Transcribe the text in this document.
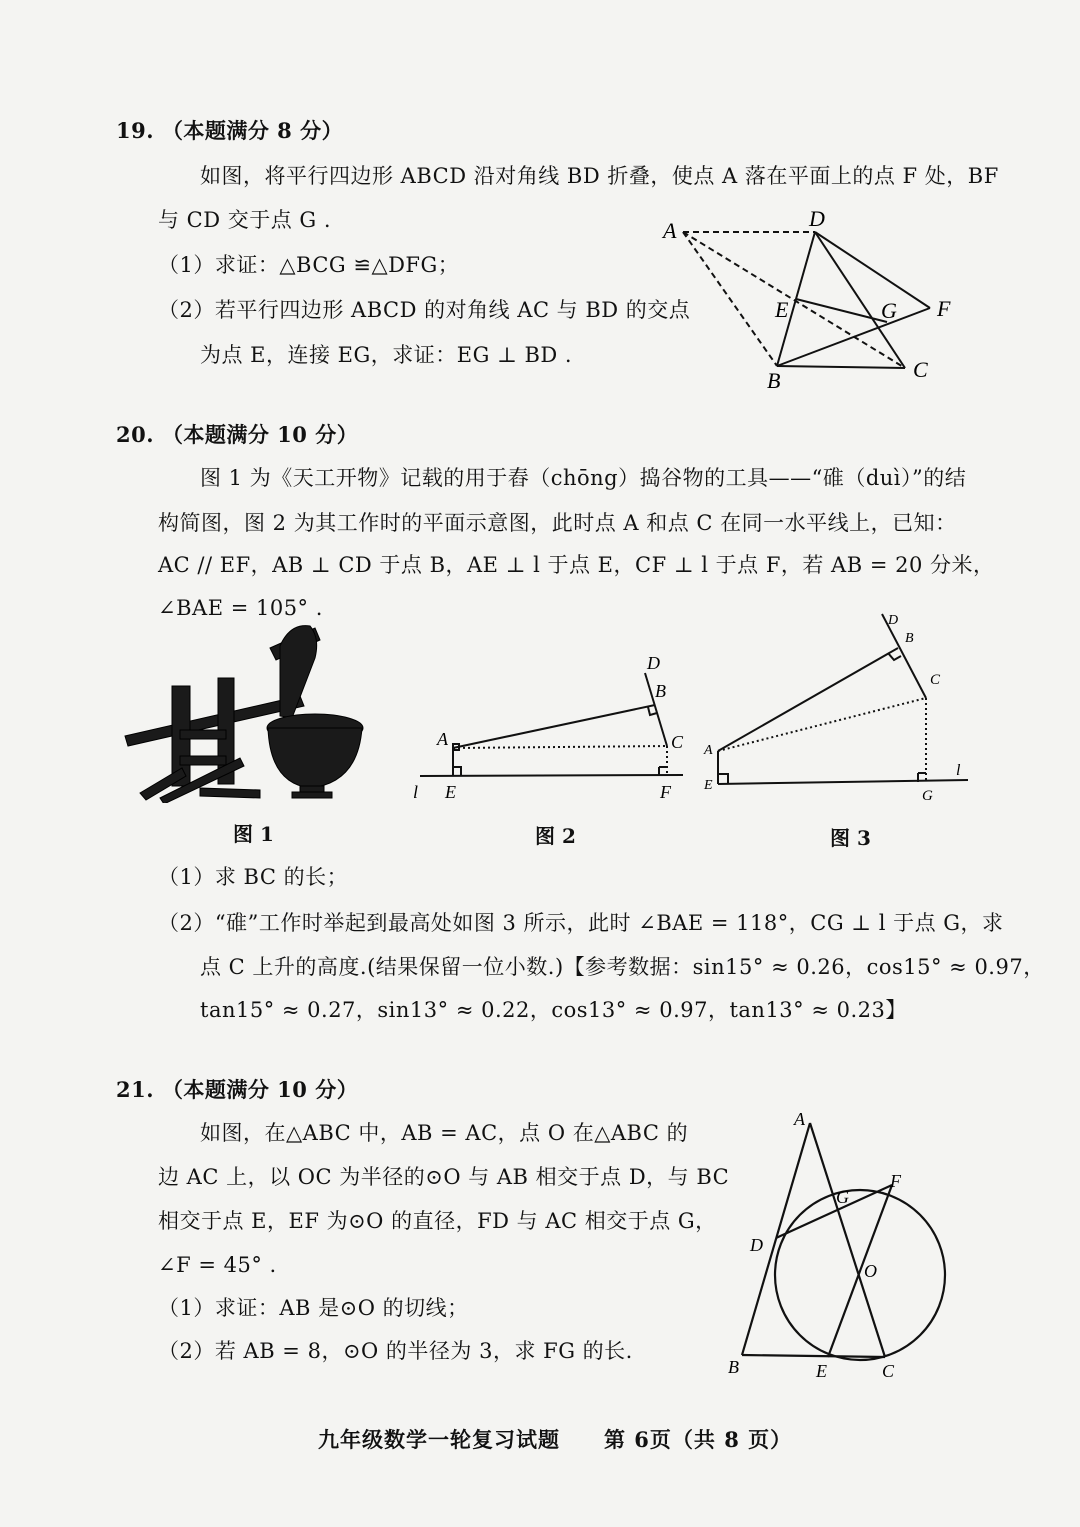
19. （本题满分 8 分）
如图，将平行四边形 ABCD 沿对角线 BD 折叠，使点 A 落在平面上的点 F 处，BF
与 CD 交于点 G .
（1）求证：△BCG ≌△DFG；
（2）若平行四边形 ABCD 的对角线 AC 与 BD 的交点
为点 E，连接 EG，求证：EG ⊥ BD .
A	D
E	G F
B	C
20. （本题满分 10 分）
图 1 为《天工开物》记载的用于舂（chōng）捣谷物的工具——“碓（duì）”的结
构简图，图 2 为其工作时的平面示意图，此时点 A 和点 C 在同一水平线上，已知：
AC // EF，AB ⊥ CD 于点 B，AE ⊥ l 于点 E，CF ⊥ l 于点 F，若 AB = 20 分米，
∠BAE = 105° .
图 1
D
B
A	C
l E	F
图 2
D
B
C
A
E
G
l
图 3
（1）求 BC 的长；
（2）“碓”工作时举起到最高处如图 3 所示，此时 ∠BAE = 118°，CG ⊥ l 于点 G，求
点 C 上升的高度.(结果保留一位小数.)【参考数据：sin15° ≈ 0.26，cos15° ≈ 0.97，
tan15° ≈ 0.27，sin13° ≈ 0.22，cos13° ≈ 0.97，tan13° ≈ 0.23】
21. （本题满分 10 分）
如图，在△ABC 中，AB = AC，点 O 在△ABC 的
边 AC 上，以 OC 为半径的⊙O 与 AB 相交于点 D，与 BC
相交于点 E，EF 为⊙O 的直径，FD 与 AC 相交于点 G，
∠F = 45° .
（1）求证：AB 是⊙O 的切线；
（2）若 AB = 8，⊙O 的半径为 3，求 FG 的长.
A
F
G
D
O
B	E	C
九年级数学一轮复习试题　　第 6页（共 8 页）
